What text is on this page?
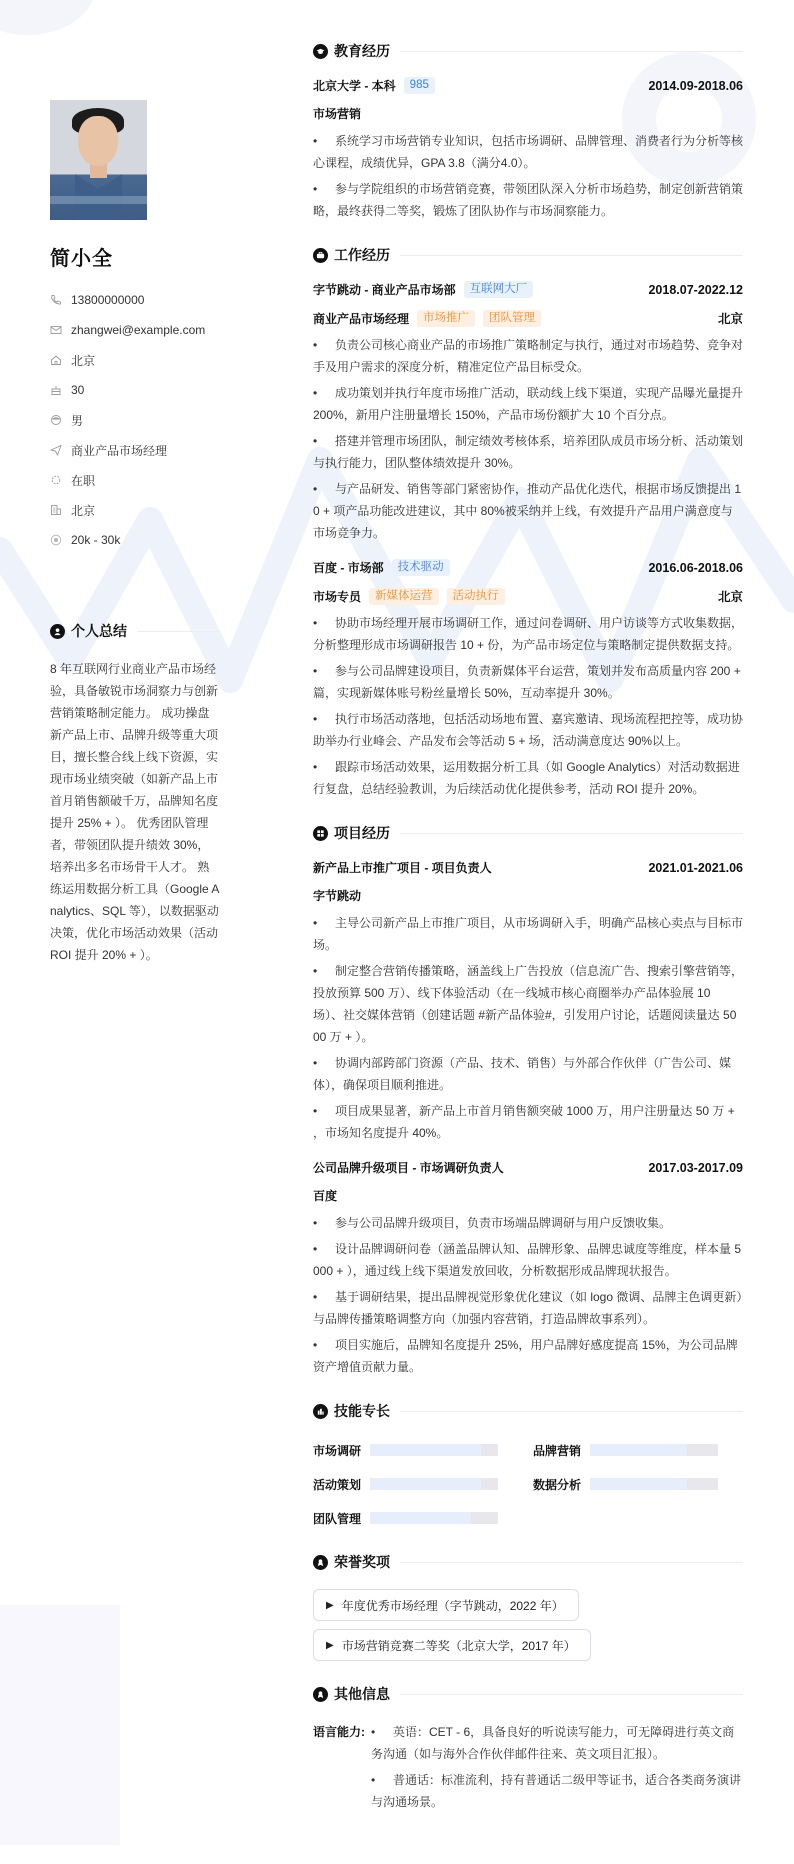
简小全
13800000000
zhangwei@example.com
北京
30
男
商业产品市场经理
在职
北京
20k - 30k
个人总结
8 年互联网行业商业产品市场经验，具备敏锐市场洞察力与创新营销策略制定能力。 成功操盘新产品上市、品牌升级等重大项目，擅长整合线上线下资源，实现市场业绩突破（如新产品上市首月销售额破千万，品牌知名度提升 25% + ）。 优秀团队管理者，带领团队提升绩效 30%，培养出多名市场骨干人才。 熟练运用数据分析工具（Google Analytics、SQL 等），以数据驱动决策，优化市场活动效果（活动 ROI 提升 20% + ）。
教育经历
北京大学 - 本科	985	2014.09-2018.06
市场营销
• 系统学习市场营销专业知识，包括市场调研、品牌管理、消费者行为分析等核心课程，成绩优异，GPA 3.8（满分4.0）。
• 参与学院组织的市场营销竞赛，带领团队深入分析市场趋势，制定创新营销策略，最终获得二等奖，锻炼了团队协作与市场洞察能力。
工作经历
字节跳动 - 商业产品市场部	互联网大厂	2018.07-2022.12
商业产品市场经理	市场推广	团队管理	北京
• 负责公司核心商业产品的市场推广策略制定与执行，通过对市场趋势、竞争对手及用户需求的深度分析，精准定位产品目标受众。
• 成功策划并执行年度市场推广活动，联动线上线下渠道，实现产品曝光量提升 200%，新用户注册量增长 150%，产品市场份额扩大 10 个百分点。
• 搭建并管理市场团队，制定绩效考核体系，培养团队成员市场分析、活动策划与执行能力，团队整体绩效提升 30%。
• 与产品研发、销售等部门紧密协作，推动产品优化迭代，根据市场反馈提出 10 + 项产品功能改进建议，其中 80%被采纳并上线，有效提升产品用户满意度与市场竞争力。
百度 - 市场部	技术驱动	2016.06-2018.06
市场专员	新媒体运营	活动执行	北京
• 协助市场经理开展市场调研工作，通过问卷调研、用户访谈等方式收集数据，分析整理形成市场调研报告 10 + 份，为产品市场定位与策略制定提供数据支持。
• 参与公司品牌建设项目，负责新媒体平台运营，策划并发布高质量内容 200 + 篇，实现新媒体账号粉丝量增长 50%，互动率提升 30%。
• 执行市场活动落地，包括活动场地布置、嘉宾邀请、现场流程把控等，成功协助举办行业峰会、产品发布会等活动 5 + 场，活动满意度达 90%以上。
• 跟踪市场活动效果，运用数据分析工具（如 Google Analytics）对活动数据进行复盘，总结经验教训，为后续活动优化提供参考，活动 ROI 提升 20%。
项目经历
新产品上市推广项目 - 项目负责人	2021.01-2021.06
字节跳动
• 主导公司新产品上市推广项目，从市场调研入手，明确产品核心卖点与目标市场。
• 制定整合营销传播策略，涵盖线上广告投放（信息流广告、搜索引擎营销等，投放预算 500 万）、线下体验活动（在一线城市核心商圈举办产品体验展 10 场）、社交媒体营销（创建话题 #新产品体验#，引发用户讨论，话题阅读量达 5000 万 + ）。
• 协调内部跨部门资源（产品、技术、销售）与外部合作伙伴（广告公司、媒体），确保项目顺利推进。
• 项目成果显著，新产品上市首月销售额突破 1000 万，用户注册量达 50 万 + ，市场知名度提升 40%。
公司品牌升级项目 - 市场调研负责人	2017.03-2017.09
百度
• 参与公司品牌升级项目，负责市场端品牌调研与用户反馈收集。
• 设计品牌调研问卷（涵盖品牌认知、品牌形象、品牌忠诚度等维度，样本量 5000 + ），通过线上线下渠道发放回收，分析数据形成品牌现状报告。
• 基于调研结果，提出品牌视觉形象优化建议（如 logo 微调、品牌主色调更新）与品牌传播策略调整方向（加强内容营销，打造品牌故事系列）。
• 项目实施后，品牌知名度提升 25%，用户品牌好感度提高 15%，为公司品牌资产增值贡献力量。
技能专长
市场调研	品牌营销
活动策划	数据分析
团队管理
荣誉奖项
▶ 年度优秀市场经理（字节跳动，2022 年）
▶ 市场营销竞赛二等奖（北京大学，2017 年）
其他信息
语言能力: • 英语：CET - 6，具备良好的听说读写能力，可无障碍进行英文商务沟通（如与海外合作伙伴邮件往来、英文项目汇报）。
• 普通话：标准流利，持有普通话二级甲等证书，适合各类商务演讲与沟通场景。
